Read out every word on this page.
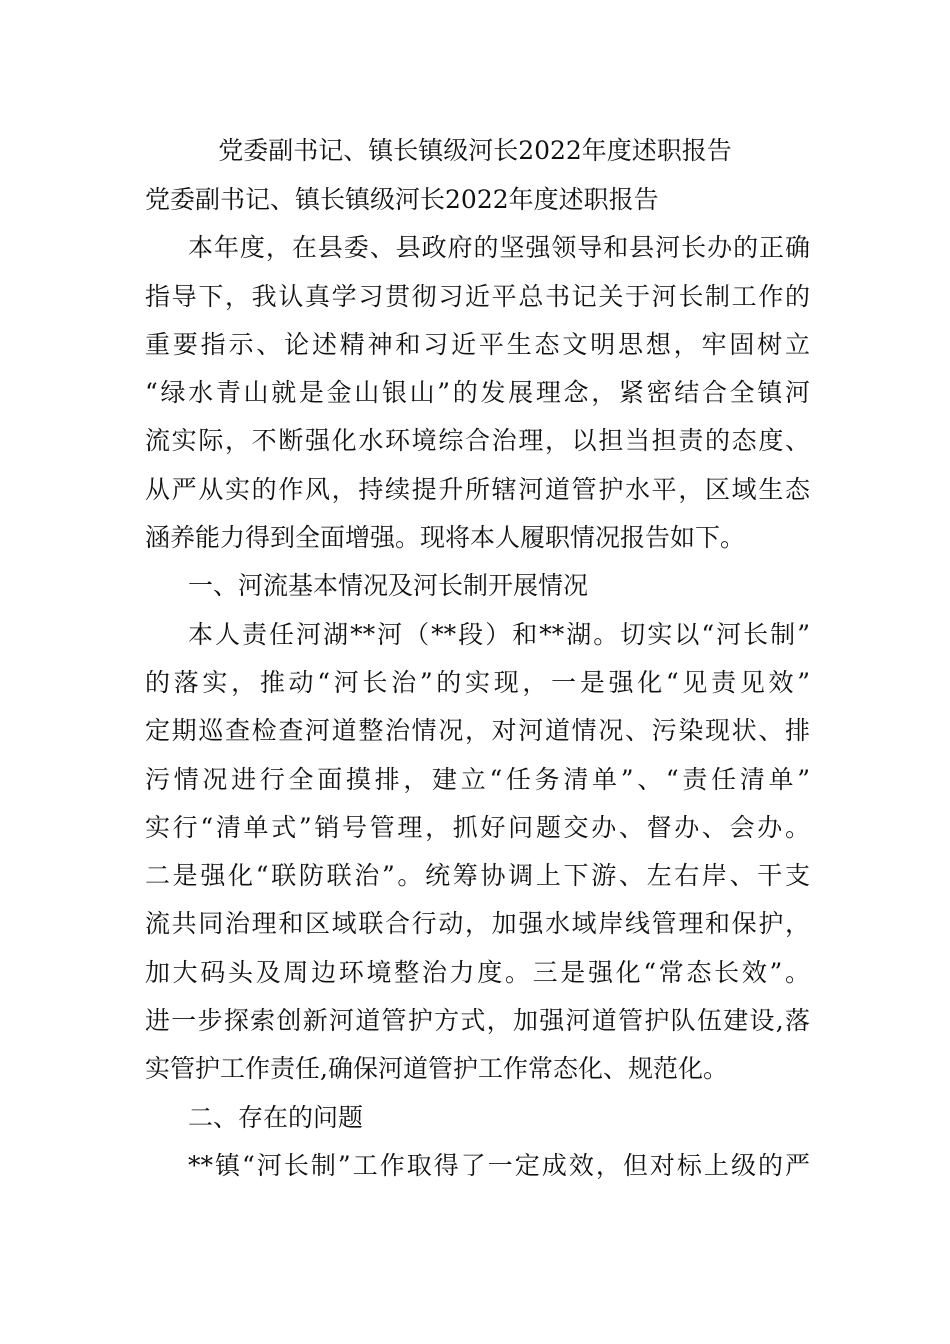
党委副书记、镇长镇级河长2022年度述职报告

党委副书记、镇长镇级河长2022年度述职报告

本年度，在县委、县政府的坚强领导和县河长办的正确
指导下，我认真学习贯彻习近平总书记关于河长制工作的
重要指示、论述精神和习近平生态文明思想，牢固树立
“绿水青山就是金山银山”的发展理念，紧密结合全镇河
流实际，不断强化水环境综合治理，以担当担责的态度、
从严从实的作风，持续提升所辖河道管护水平，区域生态
涵养能力得到全面增强。现将本人履职情况报告如下。

一、河流基本情况及河长制开展情况

本人责任河湖**河（**段）和**湖。切实以“河长制”
的落实，推动“河长治”的实现，一是强化“见责见效”
定期巡查检查河道整治情况，对河道情况、污染现状、排
污情况进行全面摸排，建立“任务清单”、“责任清单”
实行“清单式”销号管理，抓好问题交办、督办、会办。
二是强化“联防联治”。统筹协调上下游、左右岸、干支
流共同治理和区域联合行动，加强水域岸线管理和保护，
加大码头及周边环境整治力度。三是强化“常态长效”。
进一步探索创新河道管护方式，加强河道管护队伍建设,落
实管护工作责任,确保河道管护工作常态化、规范化。

二、存在的问题

**镇“河长制”工作取得了一定成效，但对标上级的严
